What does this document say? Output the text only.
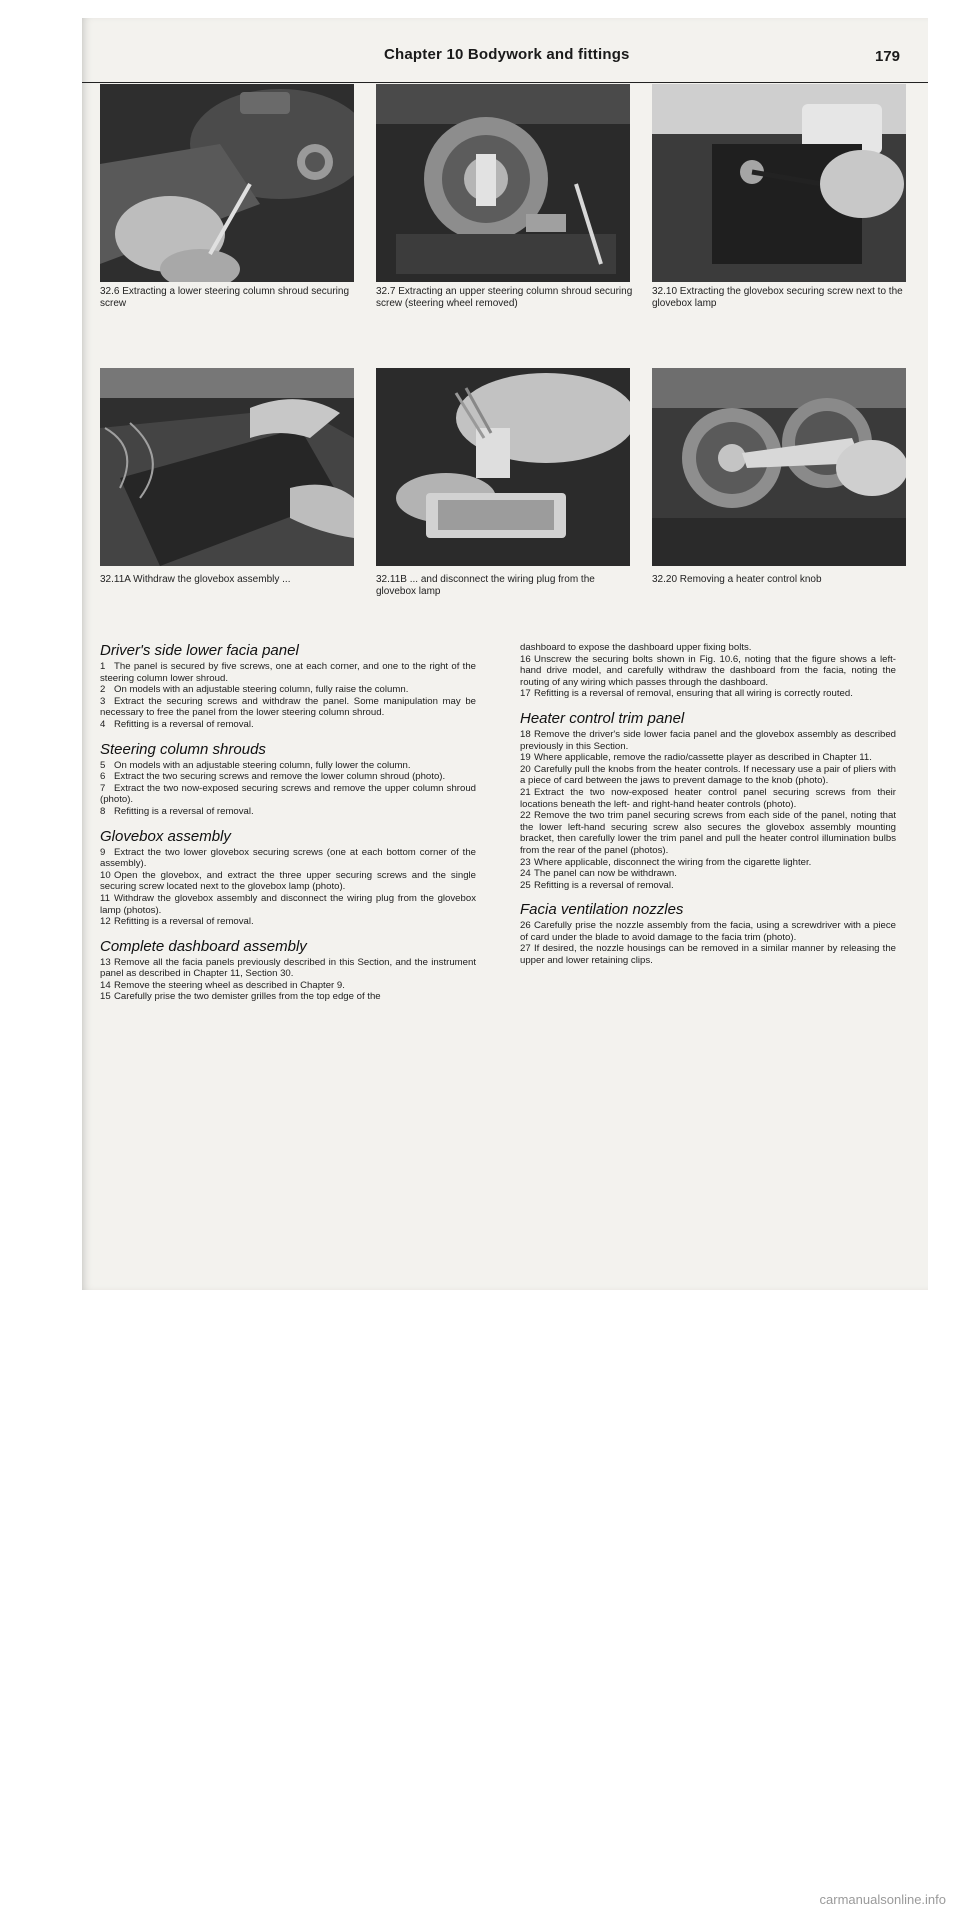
Chapter 10 Bodywork and fittings	179
32.6 Extracting a lower steering column shroud securing screw
32.7 Extracting an upper steering column shroud securing screw (steering wheel removed)
32.10 Extracting the glovebox securing screw next to the glovebox lamp
32.11A Withdraw the glovebox assembly ...	32.11B ... and disconnect the wiring plug from the glovebox lamp
32.20 Removing a heater control knob
Driver's side lower facia panel

1 The panel is secured by five screws, one at each corner, and one to the right of the steering column lower shroud.

2 On models with an adjustable steering column, fully raise the column.

3 Extract the securing screws and withdraw the panel. Some manipulation may be necessary to free the panel from the lower steering column shroud.

4 Refitting is a reversal of removal.

Steering column shrouds

5 On models with an adjustable steering column, fully lower the column.

6 Extract the two securing screws and remove the lower column shroud (photo).

7 Extract the two now-exposed securing screws and remove the upper column shroud (photo).

8 Refitting is a reversal of removal.

Glovebox assembly

9 Extract the two lower glovebox securing screws (one at each bottom corner of the assembly).

10 Open the glovebox, and extract the three upper securing screws and the single securing screw located next to the glovebox lamp (photo).

11 Withdraw the glovebox assembly and disconnect the wiring plug from the glovebox lamp (photos).

12 Refitting is a reversal of removal.

Complete dashboard assembly

13 Remove all the facia panels previously described in this Section, and the instrument panel as described in Chapter 11, Section 30.

14 Remove the steering wheel as described in Chapter 9.

15 Carefully prise the two demister grilles from the top edge of the

dashboard to expose the dashboard upper fixing bolts.

16 Unscrew the securing bolts shown in Fig. 10.6, noting that the figure shows a left-hand drive model, and carefully withdraw the dashboard from the facia, noting the routing of any wiring which passes through the dashboard.

17 Refitting is a reversal of removal, ensuring that all wiring is correctly routed.

Heater control trim panel

18 Remove the driver's side lower facia panel and the glovebox assembly as described previously in this Section.

19 Where applicable, remove the radio/cassette player as described in Chapter 11.

20 Carefully pull the knobs from the heater controls. If necessary use a pair of pliers with a piece of card between the jaws to prevent damage to the knob (photo).

21 Extract the two now-exposed heater control panel securing screws from their locations beneath the left- and right-hand heater controls (photo).

22 Remove the two trim panel securing screws from each side of the panel, noting that the lower left-hand securing screw also secures the glovebox assembly mounting bracket, then carefully lower the trim panel and pull the heater control illumination bulbs from the rear of the panel (photos).

23 Where applicable, disconnect the wiring from the cigarette lighter.

24 The panel can now be withdrawn.

25 Refitting is a reversal of removal.

Facia ventilation nozzles

26 Carefully prise the nozzle assembly from the facia, using a screwdriver with a piece of card under the blade to avoid damage to the facia trim (photo).

27 If desired, the nozzle housings can be removed in a similar manner by releasing the upper and lower retaining clips.

carmanualsonline.info
